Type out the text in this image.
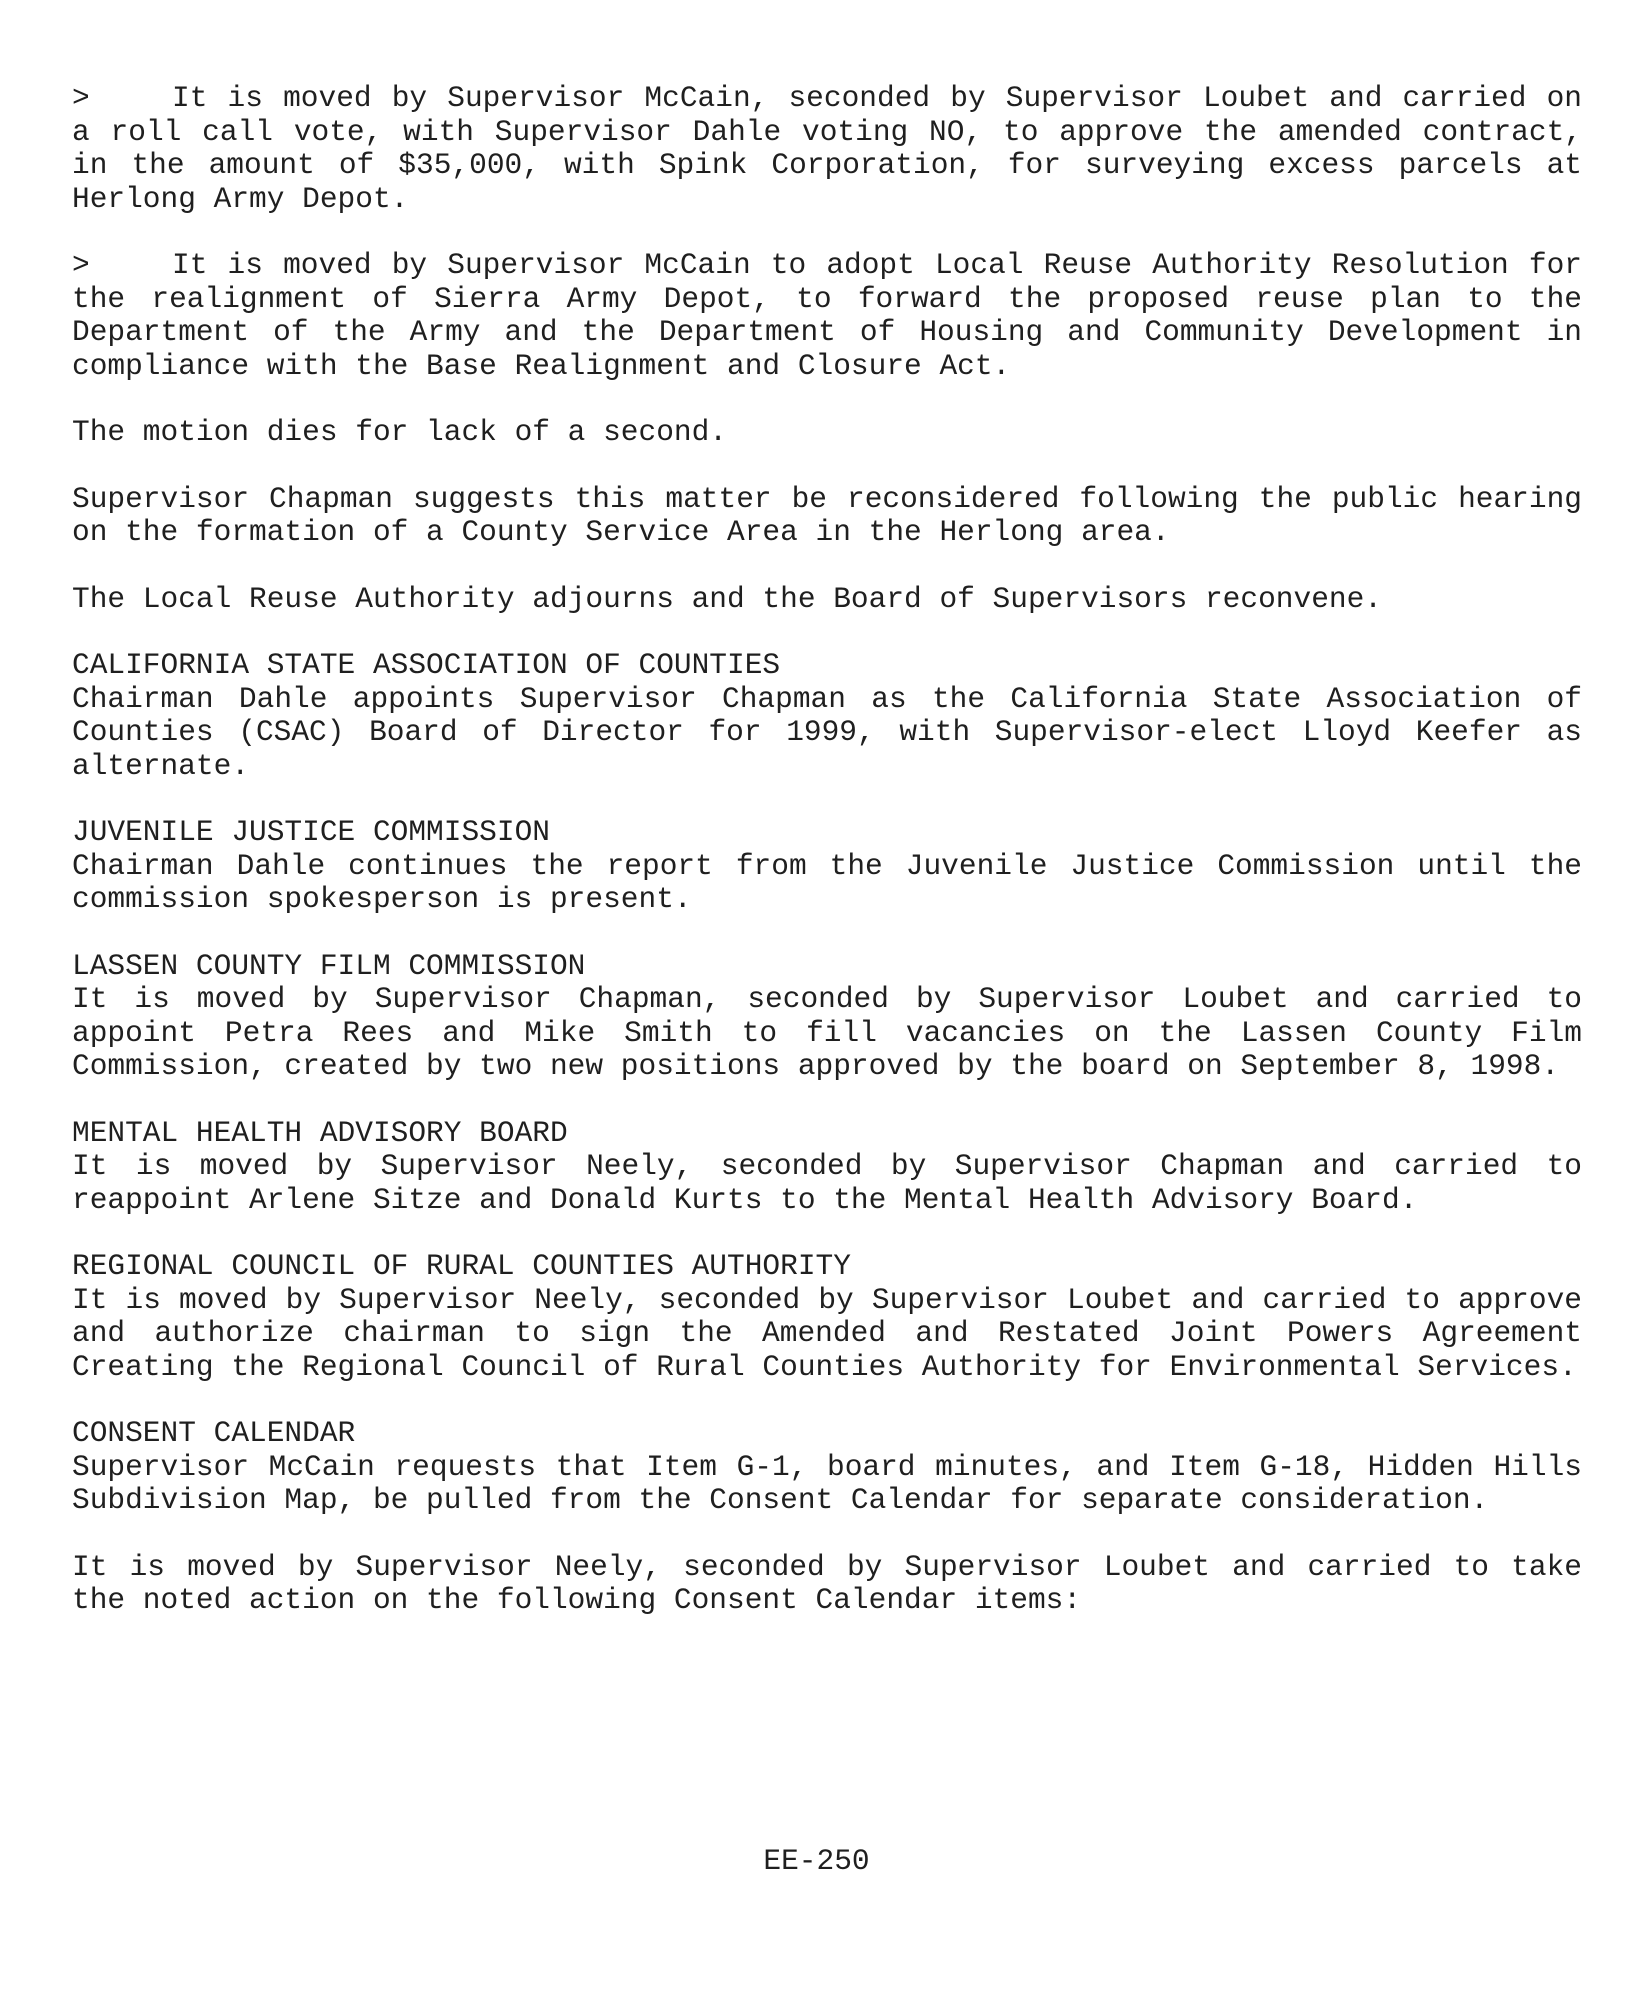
>	It is moved by Supervisor McCain, seconded by Supervisor Loubet and carried on a roll call vote, with Supervisor Dahle voting NO, to approve the amended contract, in the amount of $35,000, with Spink Corporation, for surveying excess parcels at Herlong Army Depot.

>	It is moved by Supervisor McCain to adopt Local Reuse Authority Resolution for the realignment of Sierra Army Depot, to forward the proposed reuse plan to the Department of the Army and the Department of Housing and Community Development in compliance with the Base Realignment and Closure Act.

The motion dies for lack of a second.

Supervisor Chapman suggests this matter be reconsidered following the public hearing on the formation of a County Service Area in the Herlong area.

The Local Reuse Authority adjourns and the Board of Supervisors reconvene.

CALIFORNIA STATE ASSOCIATION OF COUNTIES

Chairman Dahle appoints Supervisor Chapman as the California State Association of Counties (CSAC) Board of Director for 1999, with Supervisor-elect Lloyd Keefer as alternate.

JUVENILE JUSTICE COMMISSION

Chairman Dahle continues the report from the Juvenile Justice Commission until the commission spokesperson is present.

LASSEN COUNTY FILM COMMISSION

It is moved by Supervisor Chapman, seconded by Supervisor Loubet and carried to appoint Petra Rees and Mike Smith to fill vacancies on the Lassen County Film Commission, created by two new positions approved by the board on September 8, 1998.

MENTAL HEALTH ADVISORY BOARD

It is moved by Supervisor Neely, seconded by Supervisor Chapman and carried to reappoint Arlene Sitze and Donald Kurts to the Mental Health Advisory Board.

REGIONAL COUNCIL OF RURAL COUNTIES AUTHORITY

It is moved by Supervisor Neely, seconded by Supervisor Loubet and carried to approve and authorize chairman to sign the Amended and Restated Joint Powers Agreement Creating the Regional Council of Rural Counties Authority for Environmental Services.

CONSENT CALENDAR

Supervisor McCain requests that Item G-1, board minutes, and Item G-18, Hidden Hills Subdivision Map, be pulled from the Consent Calendar for separate consideration.

It is moved by Supervisor Neely, seconded by Supervisor Loubet and carried to take the noted action on the following Consent Calendar items:

EE-250
